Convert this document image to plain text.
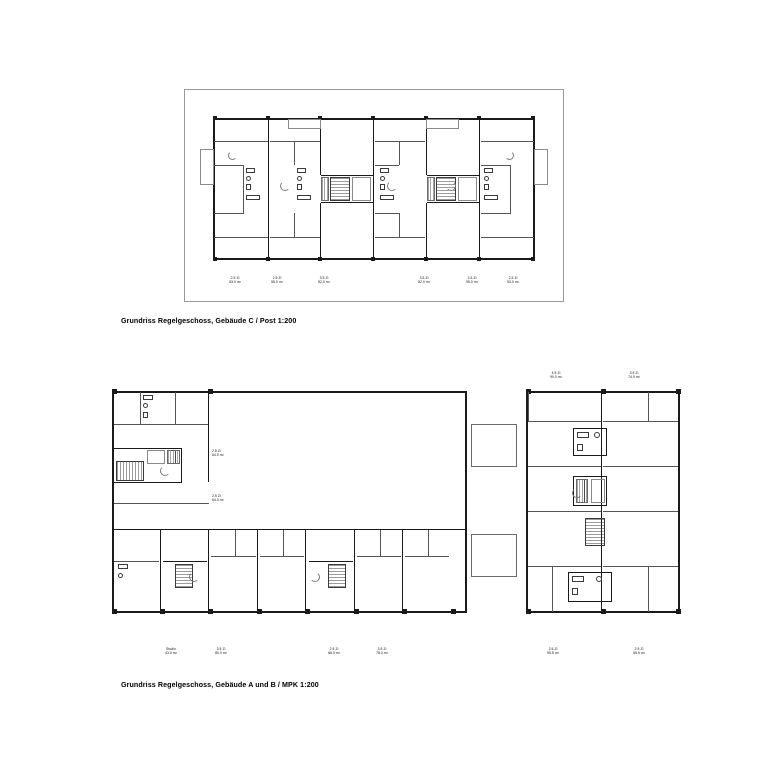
2.5 Zi
53.0 m²
2.5 Zi
55.0 m²
3.5 Zi
82.0 m²
3.5 Zi
82.0 m²
2.5 Zi
55.0 m²
2.5 Zi
53.0 m²
Grundriss Regelgeschoss, Gebäude C / Post 1:200
2.5 Zi
64.0 m²
2.5 Zi
64.0 m²
4.5 Zi
90.0 m²
3.5 Zi
74.0 m²
Studio
43.0 m²
3.5 Zi
80.0 m²
2.5 Zi
68.0 m²
3.5 Zi
78.0 m²
2.5 Zi
55.5 m²
2.5 Zi
55.5 m²
Grundriss Regelgeschoss, Gebäude A und B / MPK 1:200
